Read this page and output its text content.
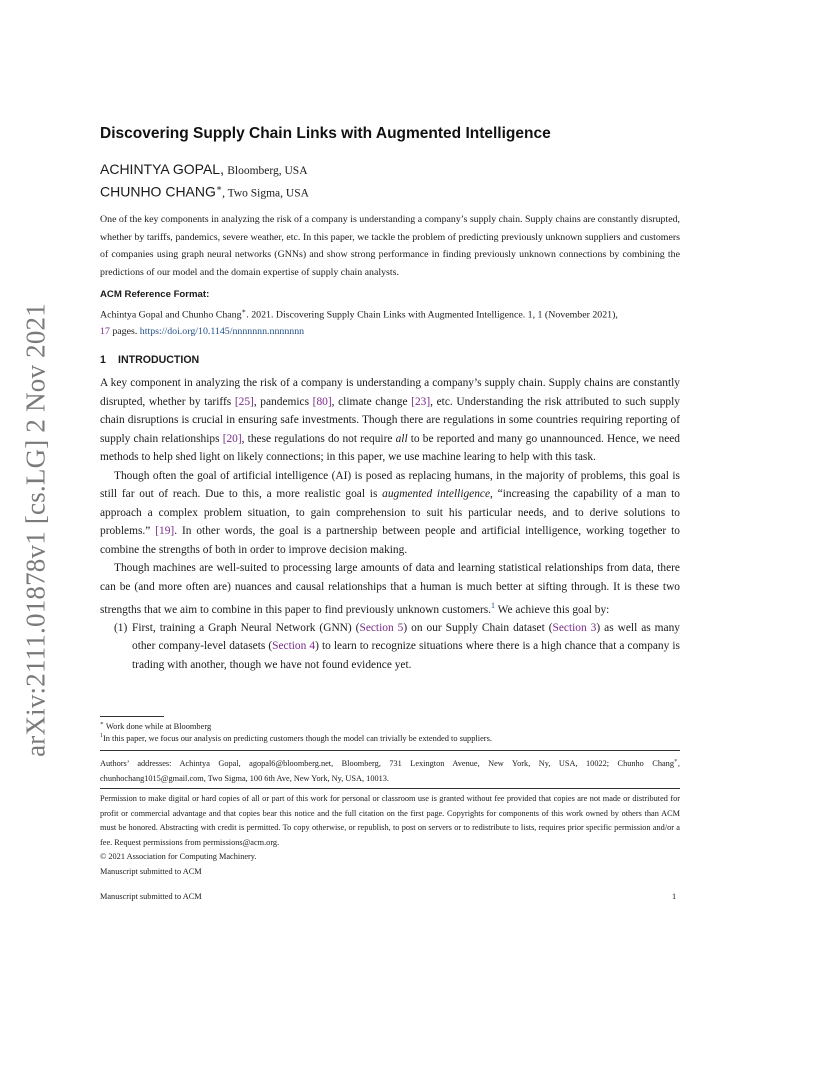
arXiv:2111.01878v1 [cs.LG] 2 Nov 2021
Discovering Supply Chain Links with Augmented Intelligence
ACHINTYA GOPAL, Bloomberg, USA
CHUNHO CHANG∗, Two Sigma, USA
One of the key components in analyzing the risk of a company is understanding a company’s supply chain. Supply chains are constantly disrupted, whether by tariffs, pandemics, severe weather, etc. In this paper, we tackle the problem of predicting previously unknown suppliers and customers of companies using graph neural networks (GNNs) and show strong performance in finding previously unknown connections by combining the predictions of our model and the domain expertise of supply chain analysts.
ACM Reference Format:
Achintya Gopal and Chunho Chang∗. 2021. Discovering Supply Chain Links with Augmented Intelligence. 1, 1 (November 2021),
17 pages. https://doi.org/10.1145/nnnnnnn.nnnnnnn
1 INTRODUCTION

A key component in analyzing the risk of a company is understanding a company’s supply chain. Supply chains are constantly disrupted, whether by tariffs [25], pandemics [80], climate change [23], etc. Understanding the risk attributed to such supply chain disruptions is crucial in ensuring safe investments. Though there are regulations in some countries requiring reporting of supply chain relationships [20], these regulations do not require all to be reported and many go unannounced. Hence, we need methods to help shed light on likely connections; in this paper, we use machine learing to help with this task.

Though often the goal of artificial intelligence (AI) is posed as replacing humans, in the majority of problems, this goal is still far out of reach. Due to this, a more realistic goal is augmented intelligence, “increasing the capability of a man to approach a complex problem situation, to gain comprehension to suit his particular needs, and to derive solutions to problems.” [19]. In other words, the goal is a partnership between people and artificial intelligence, working together to combine the strengths of both in order to improve decision making.

Though machines are well-suited to processing large amounts of data and learning statistical relationships from data, there can be (and more often are) nuances and causal relationships that a human is much better at sifting through. It is these two strengths that we aim to combine in this paper to find previously unknown customers.$^1$ We achieve this goal by:

(1) First, training a Graph Neural Network (GNN) (Section 5) on our Supply Chain dataset (Section 3) as well as many other company-level datasets (Section 4) to learn to recognize situations where there is a high chance that a company is trading with another, though we have not found evidence yet.
∗ Work done while at Bloomberg
$^1$In this paper, we focus our analysis on predicting customers though the model can trivially be extended to suppliers.
Authors’ addresses: Achintya Gopal, agopal6@bloomberg.net, Bloomberg, 731 Lexington Avenue, New York, Ny, USA, 10022; Chunho Chang∗, chunhochang1015@gmail.com, Two Sigma, 100 6th Ave, New York, Ny, USA, 10013.
Permission to make digital or hard copies of all or part of this work for personal or classroom use is granted without fee provided that copies are not made or distributed for profit or commercial advantage and that copies bear this notice and the full citation on the first page. Copyrights for components of this work owned by others than ACM must be honored. Abstracting with credit is permitted. To copy otherwise, or republish, to post on servers or to redistribute to lists, requires prior specific permission and/or a fee. Request permissions from permissions@acm.org.
© 2021 Association for Computing Machinery.
Manuscript submitted to ACM
Manuscript submitted to ACM	1
